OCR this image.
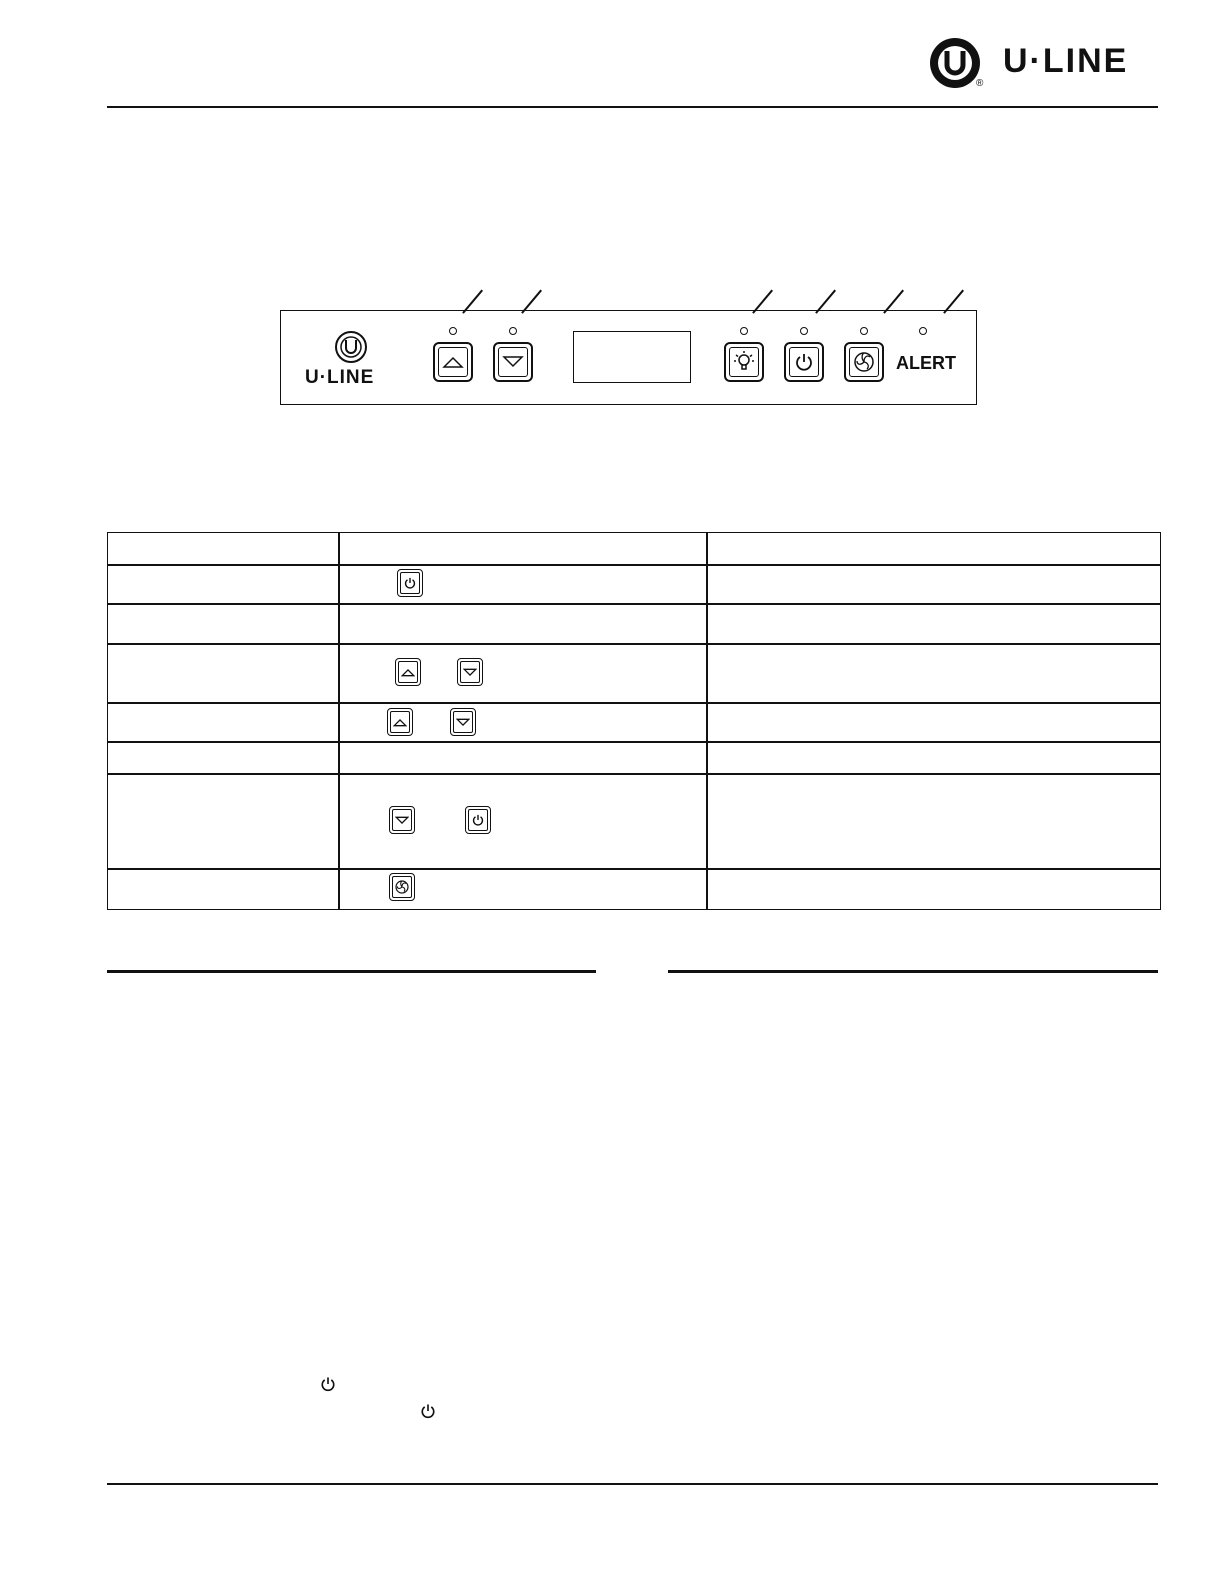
®
U·LINE
U·LINE
ALERT
